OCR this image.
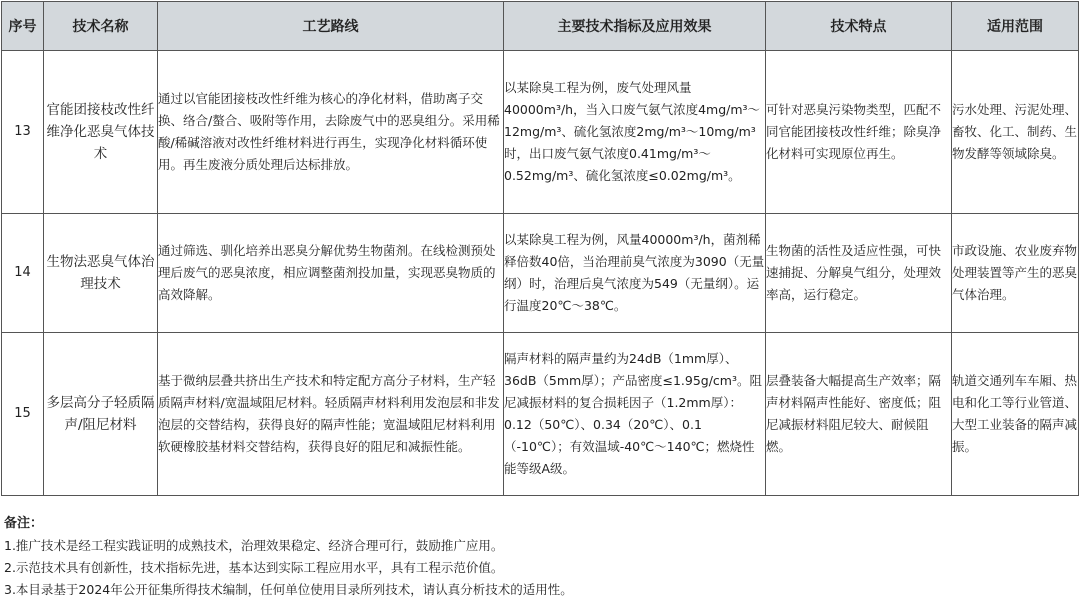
序号	技术名称	工艺路线	主要技术指标及应用效果	技术特点	适用范围
13	官能团接枝改性纤维净化恶臭气体技术	通过以官能团接枝改性纤维为核心的净化材料，借助离子交换、络合/螯合、吸附等作用，去除废气中的恶臭组分。采用稀酸/稀碱溶液对改性纤维材料进行再生，实现净化材料循环使用。再生废液分质处理后达标排放。	以某除臭工程为例，废气处理风量40000m³/h，当入口废气氨气浓度4mg/m³～12mg/m³、硫化氢浓度2mg/m³～10mg/m³时，出口废气氨气浓度0.41mg/m³～0.52mg/m³、硫化氢浓度≤0.02mg/m³。	可针对恶臭污染物类型，匹配不同官能团接枝改性纤维；除臭净化材料可实现原位再生。	污水处理、污泥处理、畜牧、化工、制药、生物发酵等领域除臭。
14	生物法恶臭气体治理技术	通过筛选、驯化培养出恶臭分解优势生物菌剂。在线检测预处理后废气的恶臭浓度，相应调整菌剂投加量，实现恶臭物质的高效降解。	以某除臭工程为例，风量40000m³/h，菌剂稀释倍数40倍，当治理前臭气浓度为3090（无量纲）时，治理后臭气浓度为549（无量纲）。运行温度20℃～38℃。	生物菌的活性及适应性强，可快速捕捉、分解臭气组分，处理效率高，运行稳定。	市政设施、农业废弃物处理装置等产生的恶臭气体治理。
15	多层高分子轻质隔声/阻尼材料	基于微纳层叠共挤出生产技术和特定配方高分子材料，生产轻质隔声材料/宽温域阻尼材料。轻质隔声材料利用发泡层和非发泡层的交替结构，获得良好的隔声性能；宽温域阻尼材料利用软硬橡胶基材料交替结构，获得良好的阻尼和减振性能。	隔声材料的隔声量约为24dB（1mm厚）、36dB（5mm厚）；产品密度≤1.95g/cm³。阻尼减振材料的复合损耗因子（1.2mm厚）：0.12（50℃）、0.34（20℃）、0.1（-10℃）；有效温域-40℃～140℃；燃烧性能等级A级。	层叠装备大幅提高生产效率；隔声材料隔声性能好、密度低；阻尼减振材料阻尼较大、耐候阻燃。	轨道交通列车车厢、热电和化工等行业管道、大型工业装备的隔声减振。
备注：
1.推广技术是经工程实践证明的成熟技术，治理效果稳定、经济合理可行，鼓励推广应用。
2.示范技术具有创新性，技术指标先进，基本达到实际工程应用水平，具有工程示范价值。
3.本目录基于2024年公开征集所得技术编制，任何单位使用目录所列技术，请认真分析技术的适用性。
